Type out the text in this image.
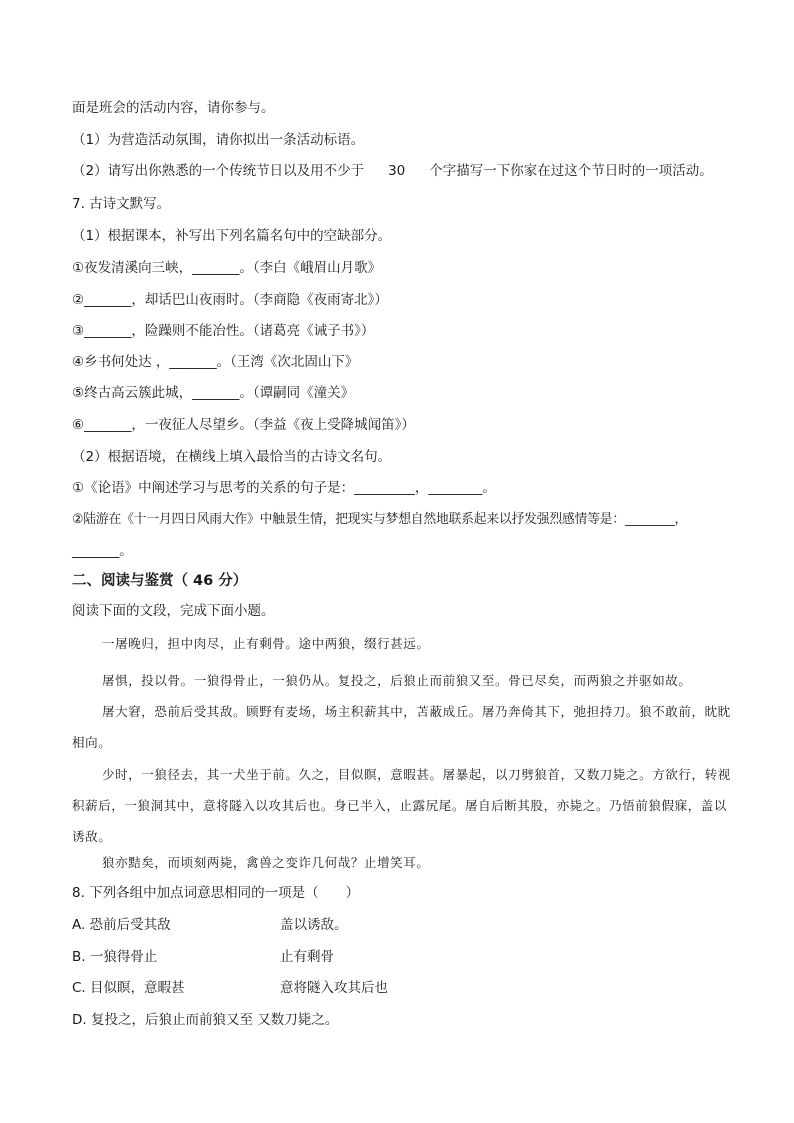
面是班会的活动内容，请你参与。
（1）为营造活动氛围，请你拟出一条活动标语。
（2）请写出你熟悉的一个传统节日以及用不少于 30 个字描写一下你家在过这个节日时的一项活动。
7. 古诗文默写。
（1）根据课本，补写出下列名篇名句中的空缺部分。
①夜发清溪向三峡，_______。（李白《峨眉山月歌》
②_______，却话巴山夜雨时。（李商隐《夜雨寄北》）
③_______，险躁则不能冶性。（诸葛亮《诫子书》）
④乡书何处达 ，_______。（王湾《次北固山下》
⑤终古高云簇此城，_______。（谭嗣同《潼关》
⑥_______，一夜征人尽望乡。（李益《夜上受降城闻笛》）
（2）根据语境，在横线上填入最恰当的古诗文名句。
①《论语》中阐述学习与思考的关系的句子是：_________，________。
②陆游在《十一月四日风雨大作》中触景生情，把现实与梦想自然地联系起来以抒发强烈感情等是：________，
_______。
二、阅读与鉴赏（ 46 分）
阅读下面的文段，完成下面小题。
一屠晚归，担中肉尽，止有剩骨。途中两狼，缀行甚远。
屠惧，投以骨。一狼得骨止，一狼仍从。复投之，后狼止而前狼又至。骨已尽矣，而两狼之并驱如故。
屠大窘，恐前后受其敌。顾野有麦场，场主积薪其中，苫蔽成丘。屠乃奔倚其下，弛担持刀。狼不敢前，眈眈相向。
少时，一狼径去，其一犬坐于前。久之，目似瞑，意暇甚。屠暴起，以刀劈狼首，又数刀毙之。方欲行，转视积薪后，一狼洞其中，意将隧入以攻其后也。身已半入，止露尻尾。屠自后断其股，亦毙之。乃悟前狼假寐，盖以诱敌。
狼亦黠矣，而顷刻两毙，禽兽之变诈几何哉？止增笑耳。
8. 下列各组中加点词意思相同的一项是（　　）
A. 恐前后受其敌	盖以诱敌。
B. 一狼得骨止	止有剩骨
C. 目似瞑，意暇甚	意将隧入攻其后也
D. 复投之，后狼止而前狼又至 又数刀毙之。
